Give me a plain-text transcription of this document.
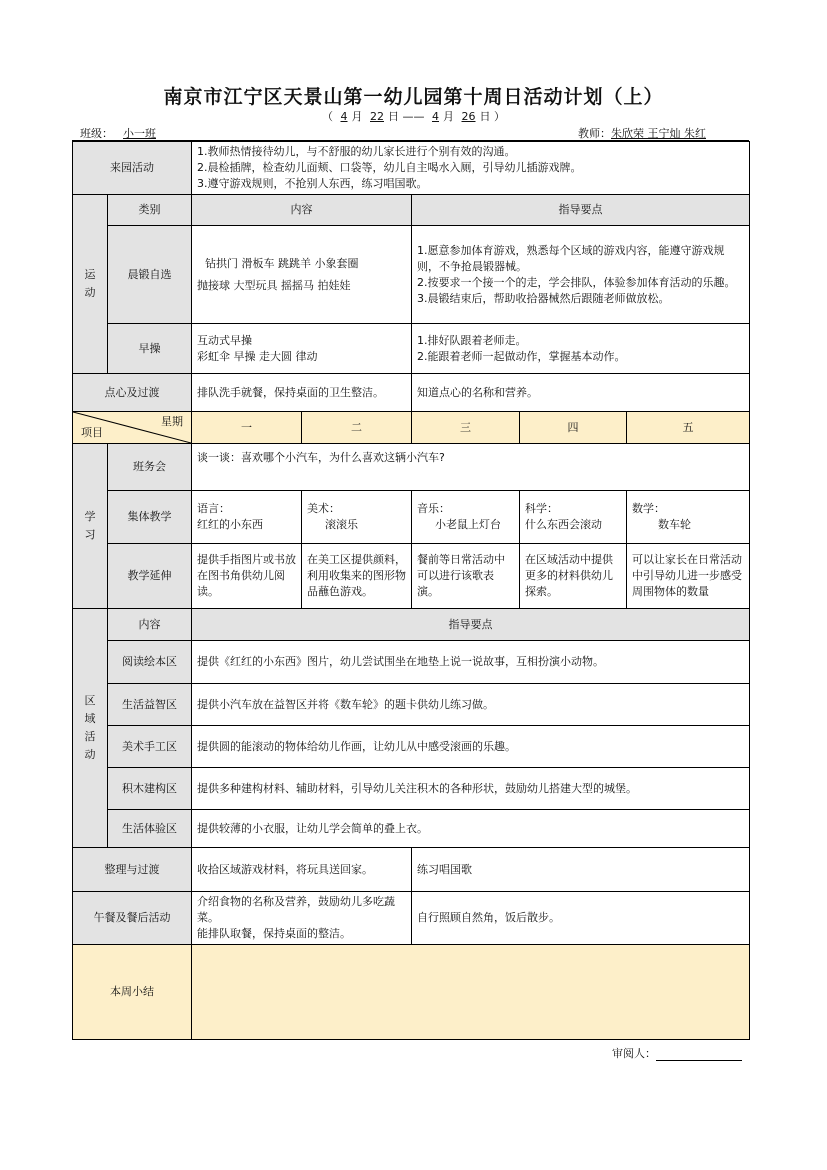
南京市江宁区天景山第一幼儿园第十周日活动计划（上）
（ 4 月 22 日 —— 4 月 26 日 ）
班级： 小一班	教师：朱欣荣 王宁灿 朱红
来园活动		1.教师热情接待幼儿，与不舒服的幼儿家长进行个别有效的沟通。
2.晨检插牌，检查幼儿面颊、口袋等，幼儿自主喝水入厕，引导幼儿插游戏牌。
3.遵守游戏规则，不抢别人东西，练习唱国歌。				

运动	类别	内容		指导要点		
	晨锻自选	钻拱门 滑板车 跳跳羊 小象套圈
抛接球 大型玩具 摇摇马 拍娃娃		1.愿意参加体育游戏，熟悉每个区域的游戏内容，能遵守游戏规则，不争抢晨锻器械。
2.按要求一个接一个的走，学会排队，体验参加体育活动的乐趣。
3.晨锻结束后，帮助收拾器械然后跟随老师做放松。		

	早操	互动式早操
彩虹伞 早操 走大圆 律动		1.排好队跟着老师走。
2.能跟着老师一起做动作，掌握基本动作。		

点心及过渡		排队洗手就餐，保持桌面的卫生整洁。		知道点心的名称和营养。		

星期
项目		一	二	三	四	五
学习	班务会	谈一谈：喜欢哪个小汽车，为什么喜欢这辆小汽车?				
	集体教学	语言：
红红的小东西	美术：
滚滚乐	音乐：
小老鼠上灯台	科学：
什么东西会滚动	数学：
数车轮

	教学延伸	提供手指图片或书放在图书角供幼儿阅读。	在美工区提供颜料，利用收集来的图形物品蘸色游戏。	餐前等日常活动中可以进行该歌表演。	在区域活动中提供更多的材料供幼儿探索。	可以让家长在日常活动中引导幼儿进一步感受周围物体的数量
区域活动	内容	指导要点				
	阅读绘本区	提供《红红的小东西》图片，幼儿尝试围坐在地垫上说一说故事，互相扮演小动物。				
	生活益智区	提供小汽车放在益智区并将《数车轮》的题卡供幼儿练习做。				
	美术手工区	提供圆的能滚动的物体给幼儿作画，让幼儿从中感受滚画的乐趣。				
	积木建构区	提供多种建构材料、辅助材料，引导幼儿关注积木的各种形状，鼓励幼儿搭建大型的城堡。				
	生活体验区	提供较薄的小衣服，让幼儿学会简单的叠上衣。				
整理与过渡		收拾区域游戏材料，将玩具送回家。		练习唱国歌		
午餐及餐后活动		介绍食物的名称及营养，鼓励幼儿多吃蔬菜。
能排队取餐，保持桌面的整洁。		自行照顾自然角，饭后散步。		
本周小结						
审阅人：
